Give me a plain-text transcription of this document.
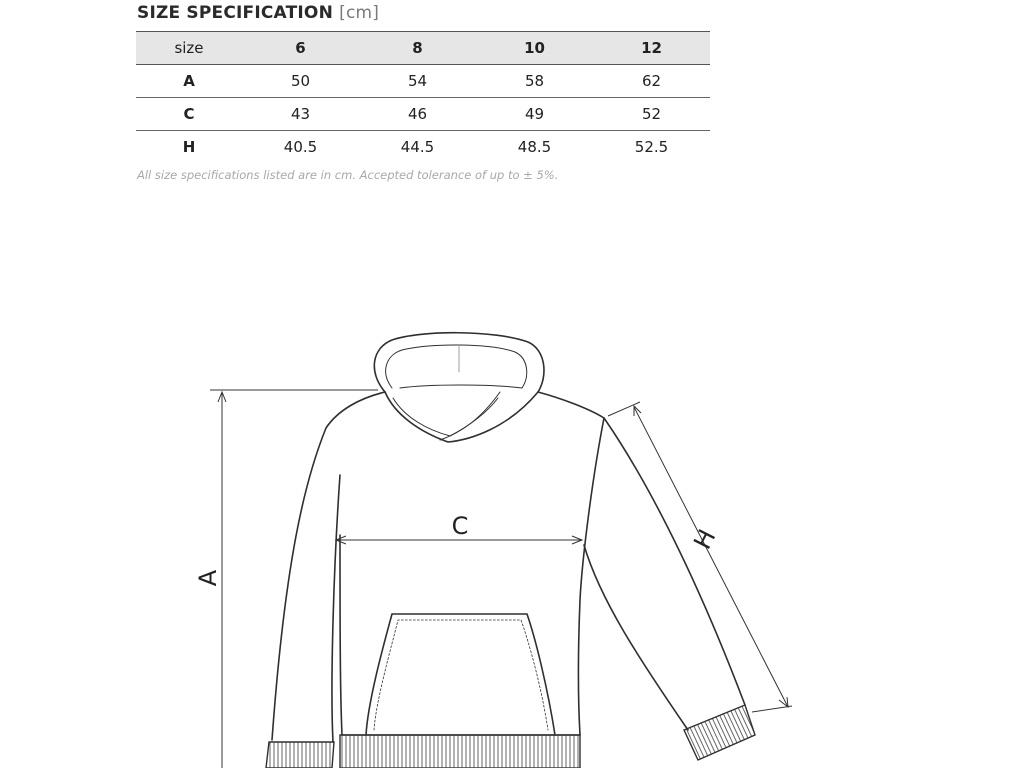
SIZE SPECIFICATION [cm]
size	6	8	10	12
A	50	54	58	62
C	43	46	49	52
H	40.5	44.5	48.5	52.5
All size specifications listed are in cm. Accepted tolerance of up to ± 5%.
C
A
H
